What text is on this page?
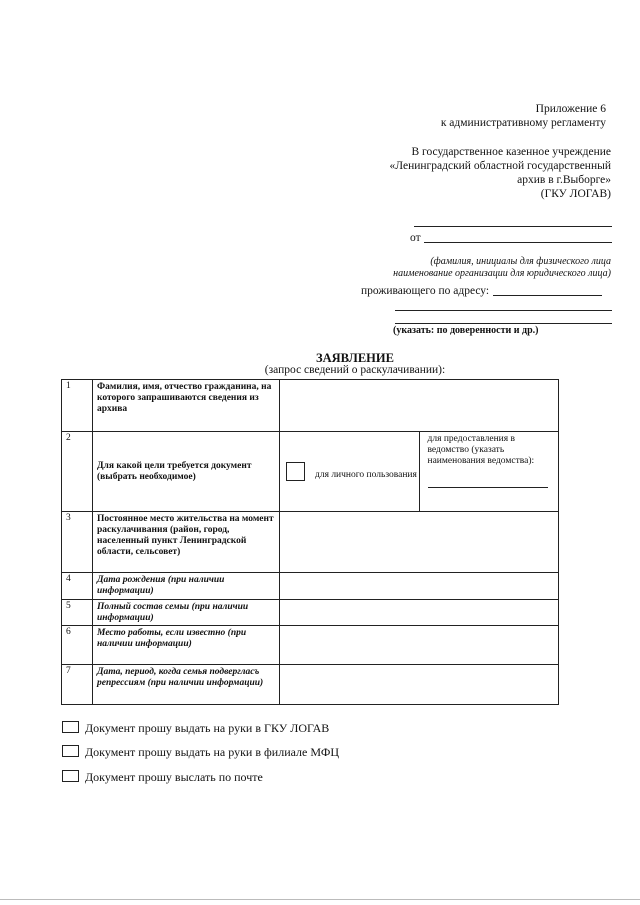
Приложение 6
к административному регламенту
В государственное казенное учреждение
«Ленинградский областной государственный
архив в г.Выборге»
(ГКУ ЛОГАВ)
от
(фамилия, инициалы для физического лица
наименование организации для юридического лица)
проживающего по адресу:
(указать: по доверенности и др.)
ЗАЯВЛЕНИЕ
(запрос сведений о раскулачивании):
1	Фамилия, имя, отчество гражданина, на которого запрашиваются сведения из архива		
2	Для какой цели требуется документ (выбрать необходимое)	для личного пользования	для предоставления в ведомство (указать наименования ведомства):

3	Постоянное место жительства на момент раскулачивания (район, город, населенный пункт Ленинградской области, сельсовет)		
4	Дата рождения (при наличии информации)		
5	Полный состав семьи (при наличии информации)		
6	Место работы, если известно (при наличии информации)		
7	Дата, период, когда семья подвергласъ репрессиям (при наличии информации)		
Документ прошу выдать на руки в ГКУ ЛОГАВ
Документ прошу выдать на руки в филиале МФЦ
Документ прошу выслать по почте
